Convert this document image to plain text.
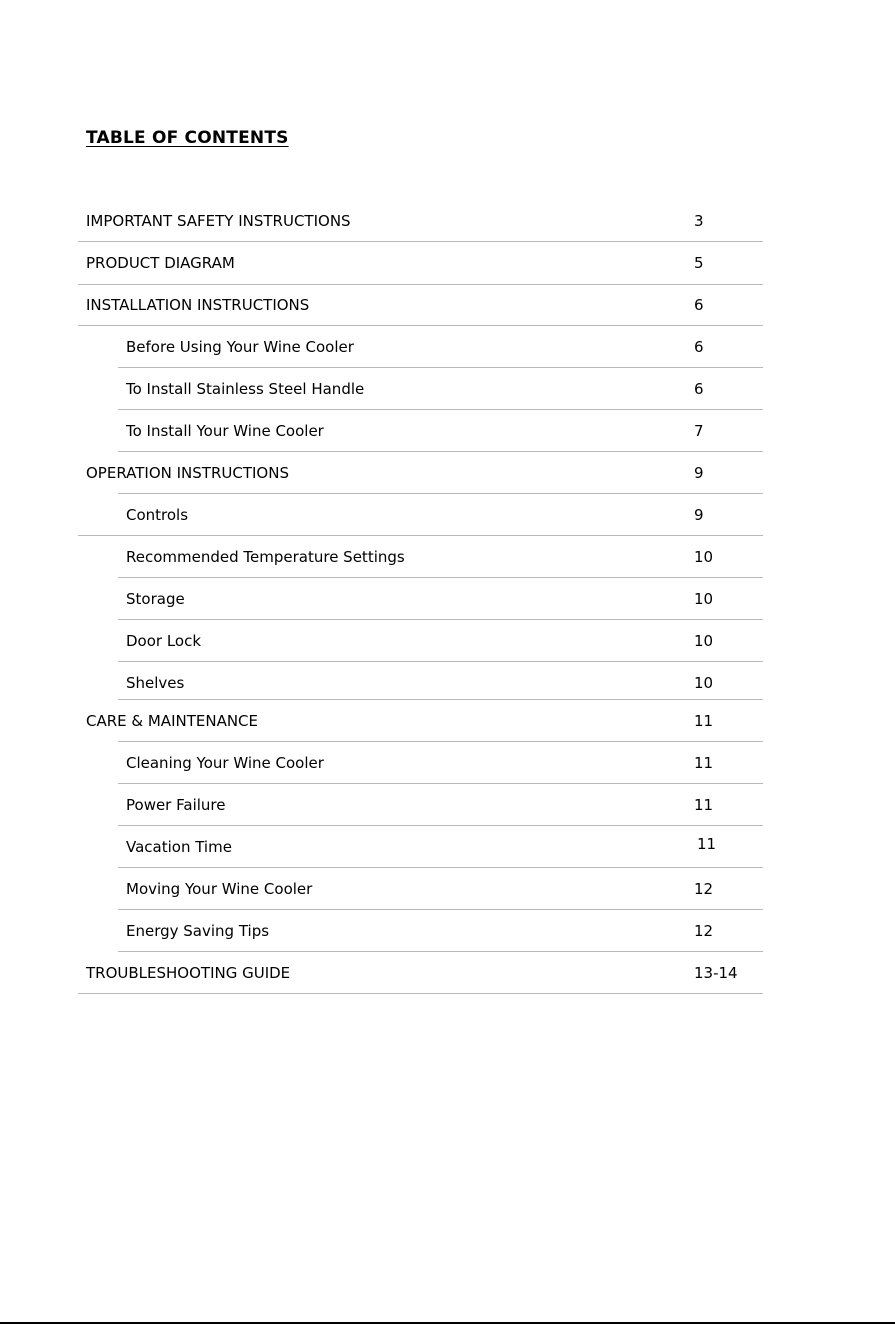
TABLE OF CONTENTS
IMPORTANT SAFETY INSTRUCTIONS	3
PRODUCT DIAGRAM	5
INSTALLATION INSTRUCTIONS	6
Before Using Your Wine Cooler	6
To Install Stainless Steel Handle	6
To Install Your Wine Cooler	7
OPERATION INSTRUCTIONS	9
Controls	9
Recommended Temperature Settings	10
Storage	10
Door Lock	10
Shelves	10
CARE & MAINTENANCE	11
Cleaning Your Wine Cooler	11
Power Failure	11
Vacation Time	11
Moving Your Wine Cooler	12
Energy Saving Tips	12
TROUBLESHOOTING GUIDE	13-14
